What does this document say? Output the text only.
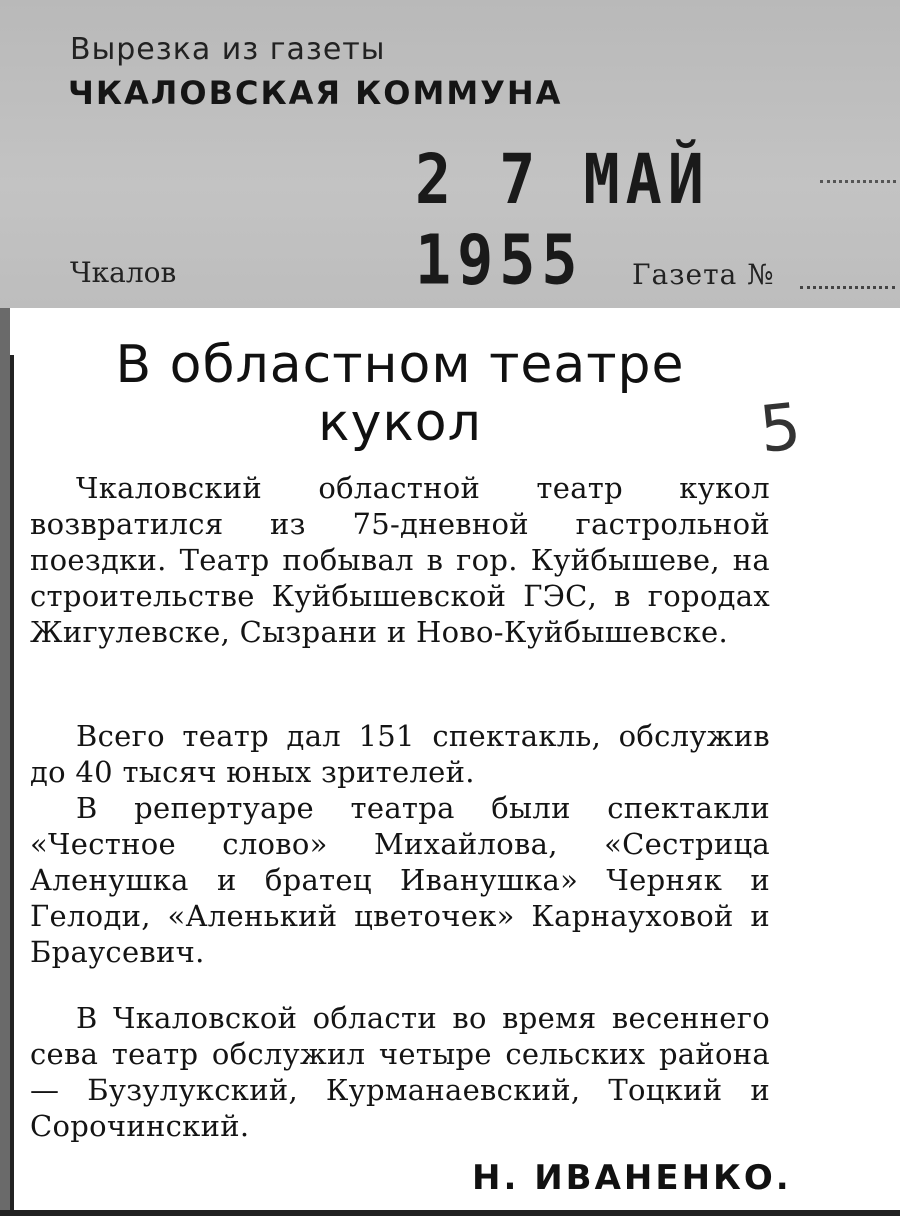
Вырезка из газеты
ЧКАЛОВСКАЯ КОММУНА
2 7 МАЙ 1955
Чкалов	Газета №
В областном театре кукол	5
Чкаловский областной театр кукол возвратился из 75-дневной гастрольной поездки. Театр побывал в гор. Куйбышеве, на строительстве Куйбышевской ГЭС, в городах Жигулевске, Сызрани и Ново-Куйбышевске.
Всего театр дал 151 спектакль, обслужив до 40 тысяч юных зрителей.
В репертуаре театра были спектакли «Честное слово» Михайлова, «Сестрица Аленушка и братец Иванушка» Черняк и Гелоди, «Аленький цветочек» Карнауховой и Браусевич.
В Чкаловской области во время весеннего сева театр обслужил четыре сельских района — Бузулукский, Курманаевский, Тоцкий и Сорочинский.
Н. ИВАНЕНКО.
